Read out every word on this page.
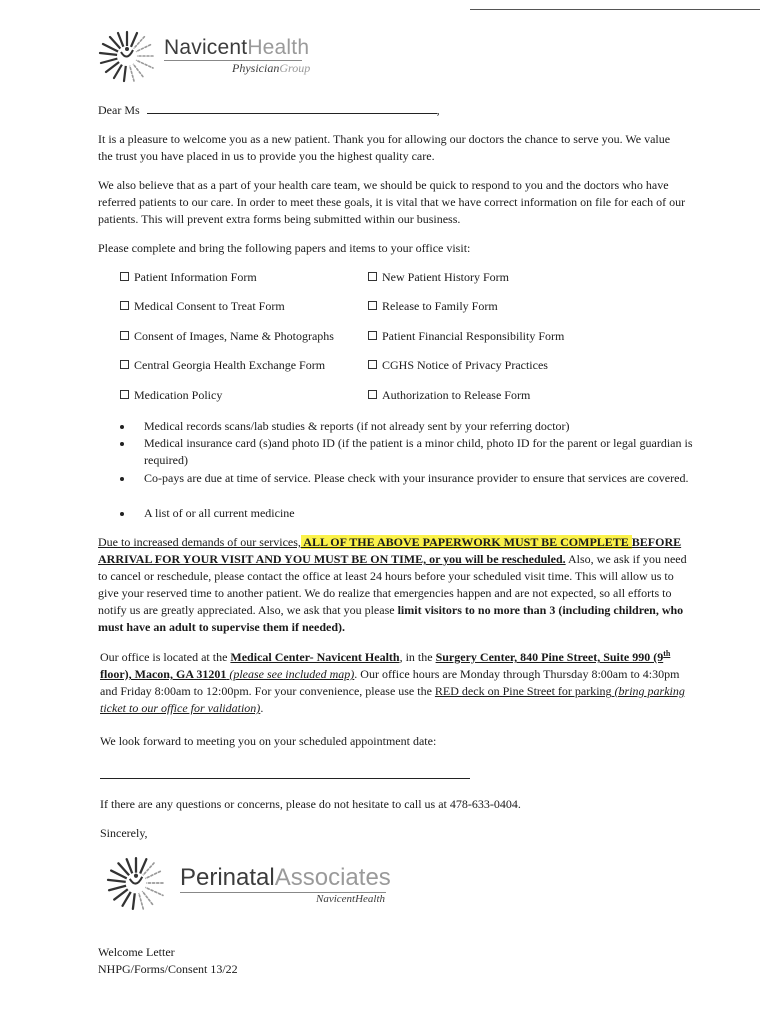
NavicentHealth
PhysicianGroup
Dear Ms	,
It is a pleasure to welcome you as a new patient. Thank you for allowing our doctors the chance to serve you. We value the trust you have placed in us to provide you the highest quality care.
We also believe that as a part of your health care team, we should be quick to respond to you and the doctors who have referred patients to our care. In order to meet these goals, it is vital that we have correct information on file for each of our patients. This will prevent extra forms being submitted within our business.
Please complete and bring the following papers and items to your office visit:
Patient Information Form
Medical Consent to Treat Form
Consent of Images, Name & Photographs
Central Georgia Health Exchange Form
Medication Policy
New Patient History Form
Release to Family Form
Patient Financial Responsibility Form
CGHS Notice of Privacy Practices
Authorization to Release Form
Medical records scans/lab studies & reports (if not already sent by your referring doctor)
Medical insurance card (s)and photo ID (if the patient is a minor child, photo ID for the parent or legal guardian is required)
Co-pays are due at time of service. Please check with your insurance provider to ensure that services are covered.
A list of or all current medicine
Due to increased demands of our services, ALL OF THE ABOVE PAPERWORK MUST BE COMPLETE BEFORE ARRIVAL FOR YOUR VISIT AND YOU MUST BE ON TIME, or you will be rescheduled. Also, we ask if you need to cancel or reschedule, please contact the office at least 24 hours before your scheduled visit time. This will allow us to give your reserved time to another patient. We do realize that emergencies happen and are not expected, so all efforts to notify us are greatly appreciated. Also, we ask that you please limit visitors to no more than 3 (including children, who must have an adult to supervise them if needed).
Our office is located at the Medical Center- Navicent Health, in the Surgery Center, 840 Pine Street, Suite 990 (9th floor), Macon, GA 31201 (please see included map). Our office hours are Monday through Thursday 8:00am to 4:30pm and Friday 8:00am to 12:00pm. For your convenience, please use the RED deck on Pine Street for parking (bring parking ticket to our office for validation).
We look forward to meeting you on your scheduled appointment date:
If there are any questions or concerns, please do not hesitate to call us at 478-633-0404.
Sincerely,
PerinatalAssociates
NavicentHealth
Welcome Letter
NHPG/Forms/Consent 13/22
